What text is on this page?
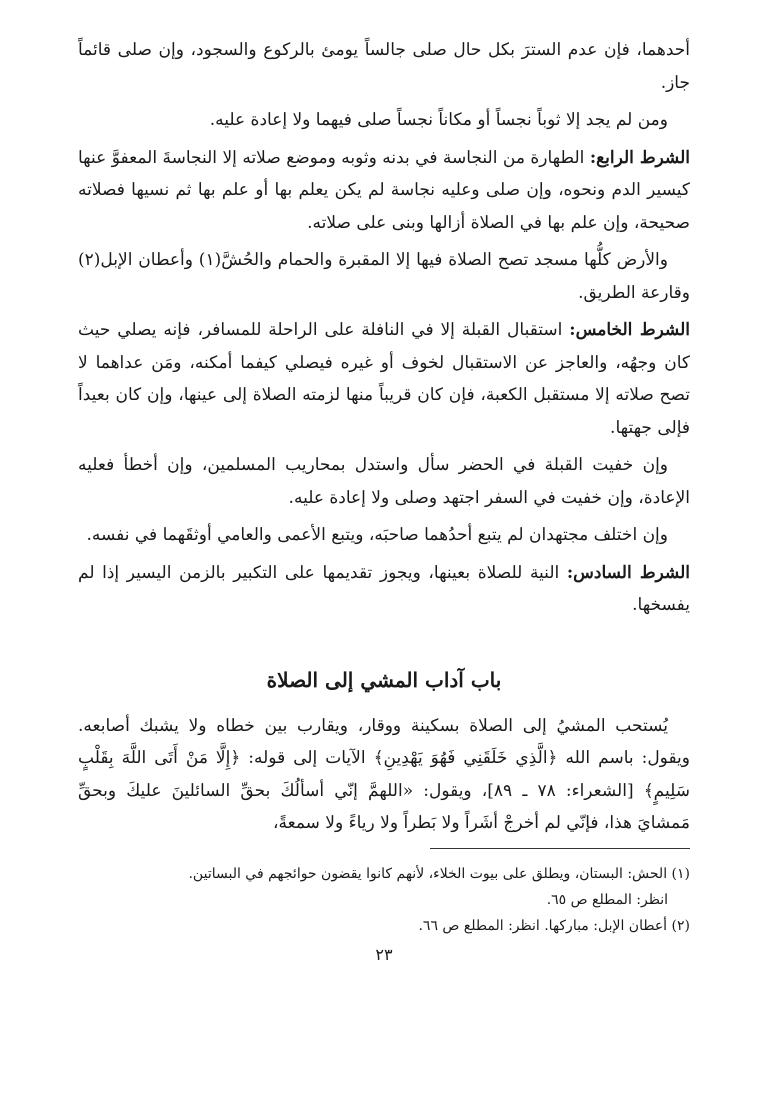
أحدهما، فإن عدم السترَ بكل حال صلى جالساً يومئ بالركوع والسجود، وإن صلى قائماً جاز.

ومن لم يجد إلا ثوباً نجساً أو مكاناً نجساً صلى فيهما ولا إعادة عليه.

الشرط الرابع: الطهارة من النجاسة في بدنه وثوبه وموضع صلاته إلا النجاسةَ المعفوَّ عنها كيسير الدم ونحوه، وإن صلى وعليه نجاسة لم يكن يعلم بها أو علم بها ثم نسيها فصلاته صحيحة، وإن علم بها في الصلاة أزالها وبنى على صلاته.

والأرض كلُّها مسجد تصح الصلاة فيها إلا المقبرة والحمام والحُشَّ(١) وأعطان الإبل(٢) وقارعة الطريق.

الشرط الخامس: استقبال القبلة إلا في النافلة على الراحلة للمسافر، فإنه يصلي حيث كان وجهُه، والعاجز عن الاستقبال لخوف أو غيره فيصلي كيفما أمكنه، ومَن عداهما لا تصح صلاته إلا مستقبل الكعبة، فإن كان قريباً منها لزمته الصلاة إلى عينها، وإن كان بعيداً فإلى جهتها.

وإن خفيت القبلة في الحضر سأل واستدل بمحاريب المسلمين، وإن أخطأ فعليه الإعادة، وإن خفيت في السفر اجتهد وصلى ولا إعادة عليه.

وإن اختلف مجتهدان لم يتبع أحدُهما صاحبَه، ويتبع الأعمى والعامي أوثقَهما في نفسه.

الشرط السادس: النية للصلاة بعينها، ويجوز تقديمها على التكبير بالزمن اليسير إذا لم يفسخها.

باب آداب المشي إلى الصلاة

يُستحب المشيُ إلى الصلاة بسكينة ووقار، ويقارب بين خطاه ولا يشبك أصابعه. ويقول: باسم الله ﴿الَّذِي خَلَقَنِي فَهُوَ يَهْدِينِ﴾ الآيات إلى قوله: ﴿إِلَّا مَنْ أَتَى اللَّهَ بِقَلْبٍ سَلِيمٍ﴾ [الشعراء: ٧٨ ـ ٨٩]، ويقول: «اللهمَّ إنّي أسألُكَ بحقِّ السائلينَ عليكَ وبحقِّ مَمشايَ هذا، فإنّي لم أخرجْ أشَراً ولا بَطراً ولا رياءً ولا سمعةً،

(١) الحش: البستان، ويطلق على بيوت الخلاء، لأنهم كانوا يقضون حوائجهم في البساتين.

انظر: المطلع ص ٦٥.

(٢) أعطان الإبل: مباركها. انظر: المطلع ص ٦٦.

٢٣
